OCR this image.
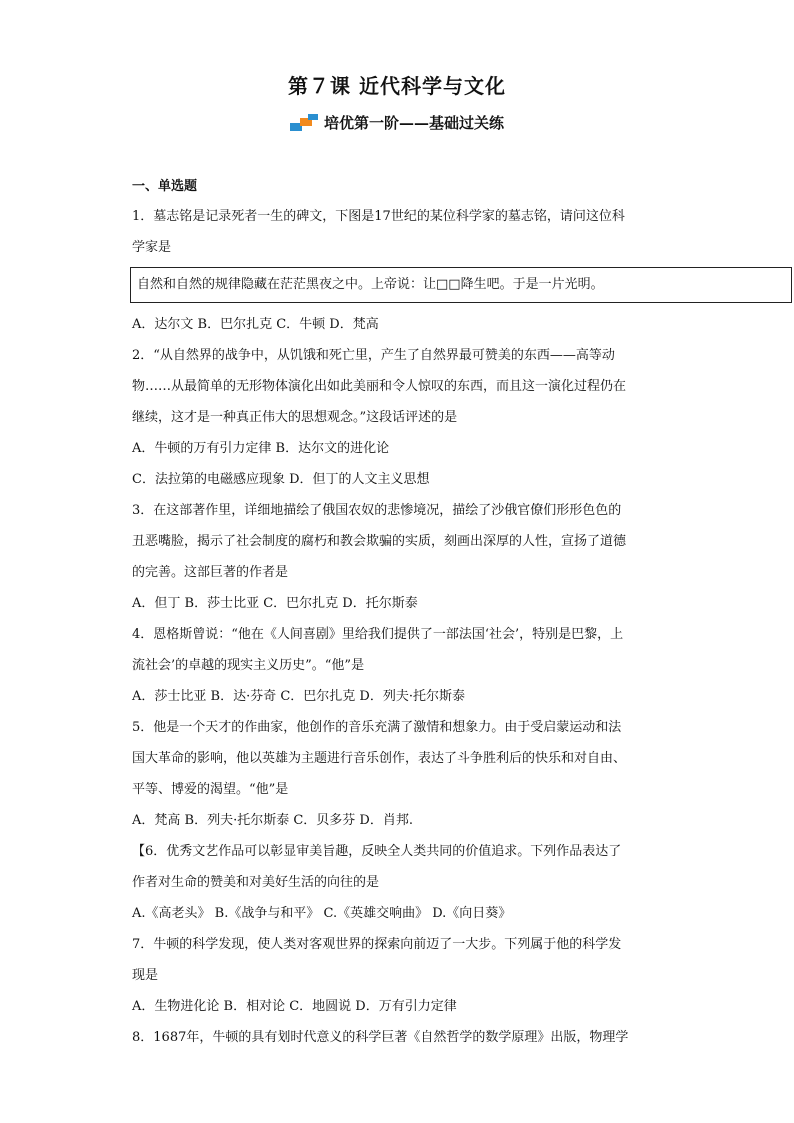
第７课 近代科学与文化
培优第一阶——基础过关练
一、单选题
1．墓志铭是记录死者一生的碑文，下图是17世纪的某位科学家的墓志铭，请问这位科
学家是
自然和自然的规律隐藏在茫茫黑夜之中。上帝说：让□□降生吧。于是一片光明。
A．达尔文 B．巴尔扎克 C．牛顿 D．梵高
2．“从自然界的战争中，从饥饿和死亡里，产生了自然界最可赞美的东西——高等动
物……从最简单的无形物体演化出如此美丽和令人惊叹的东西，而且这一演化过程仍在
继续，这才是一种真正伟大的思想观念。”这段话评述的是
A．牛顿的万有引力定律 B．达尔文的进化论
C．法拉第的电磁感应现象 D．但丁的人文主义思想
3．在这部著作里，详细地描绘了俄国农奴的悲惨境况，描绘了沙俄官僚们形形色色的
丑恶嘴脸，揭示了社会制度的腐朽和教会欺骗的实质，刻画出深厚的人性，宣扬了道德
的完善。这部巨著的作者是
A．但丁 B．莎士比亚 C．巴尔扎克 D．托尔斯泰
4．恩格斯曾说：“他在《人间喜剧》里给我们提供了一部法国‘社会’，特别是巴黎，上
流社会’的卓越的现实主义历史”。“他”是
A．莎士比亚 B．达·芬奇 C．巴尔扎克 D．列夫·托尔斯泰
5．他是一个天才的作曲家，他创作的音乐充满了激情和想象力。由于受启蒙运动和法
国大革命的影响，他以英雄为主题进行音乐创作，表达了斗争胜利后的快乐和对自由、
平等、博爱的渴望。“他”是
A．梵高 B．列夫·托尔斯泰 C．贝多芬 D．肖邦.
【6．优秀文艺作品可以彰显审美旨趣，反映全人类共同的价值追求。下列作品表达了
作者对生命的赞美和对美好生活的向往的是
A.《高老头》 B.《战争与和平》 C.《英雄交响曲》 D.《向日葵》
7．牛顿的科学发现，使人类对客观世界的探索向前迈了一大步。下列属于他的科学发
现是
A．生物进化论 B．相对论 C．地圆说 D．万有引力定律
8．1687年，牛顿的具有划时代意义的科学巨著《自然哲学的数学原理》出版，物理学
